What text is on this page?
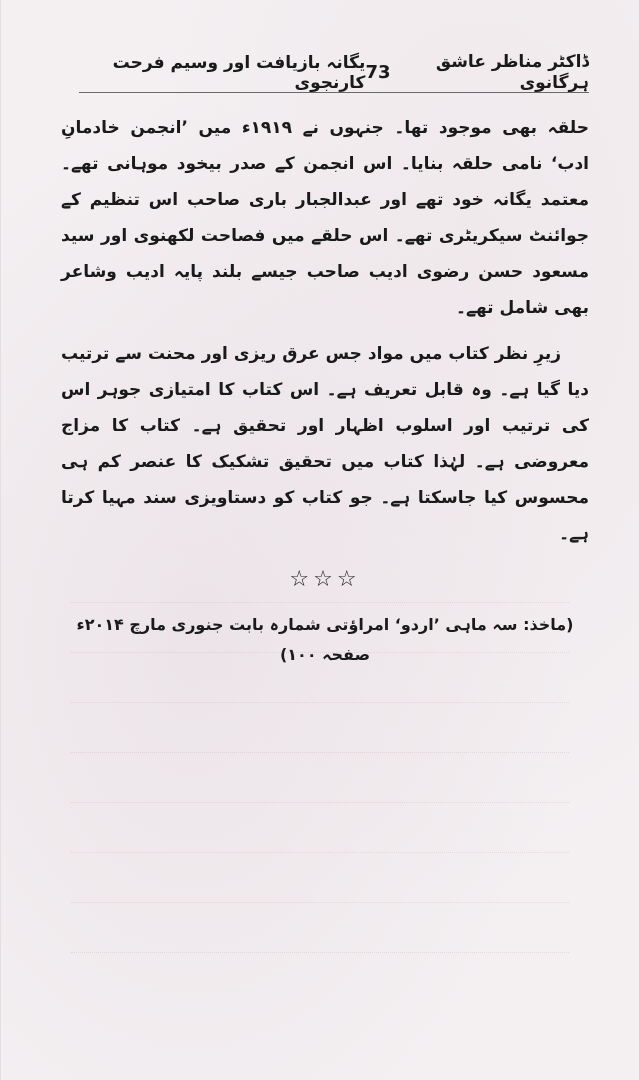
ڈاکٹر مناظر عاشق ہرگانوی
73
یگانہ بازیافت اور وسیم فرحت کارنجوی

حلقہ بھی موجود تھا۔ جنہوں نے ۱۹۱۹ء میں ’انجمن خادمانِ ادب‘ نامی حلقہ بنایا۔ اس انجمن کے صدر بیخود موہانی تھے۔ معتمد یگانہ خود تھے اور عبدالجبار باری صاحب اس تنظیم کے جوائنٹ سیکریٹری تھے۔ اس حلقے میں فصاحت لکھنوی اور سید مسعود حسن رضوی ادیب صاحب جیسے بلند پایہ ادیب وشاعر بھی شامل تھے۔

زیرِ نظر کتاب میں مواد جس عرق ریزی اور محنت سے ترتیب دیا گیا ہے۔ وہ قابل تعریف ہے۔ اس کتاب کا امتیازی جوہر اس کی ترتیب اور اسلوب اظہار اور تحقیق ہے۔ کتاب کا مزاج معروضی ہے۔ لہٰذا کتاب میں تحقیق تشکیک کا عنصر کم ہی محسوس کیا جاسکتا ہے۔ جو کتاب کو دستاویزی سند مہیا کرتا ہے۔

☆☆☆
(ماخذ: سہ ماہی ’اردو‘ امراؤتی شمارہ بابت جنوری مارچ ۲۰۱۴ء صفحہ ۱۰۰)
